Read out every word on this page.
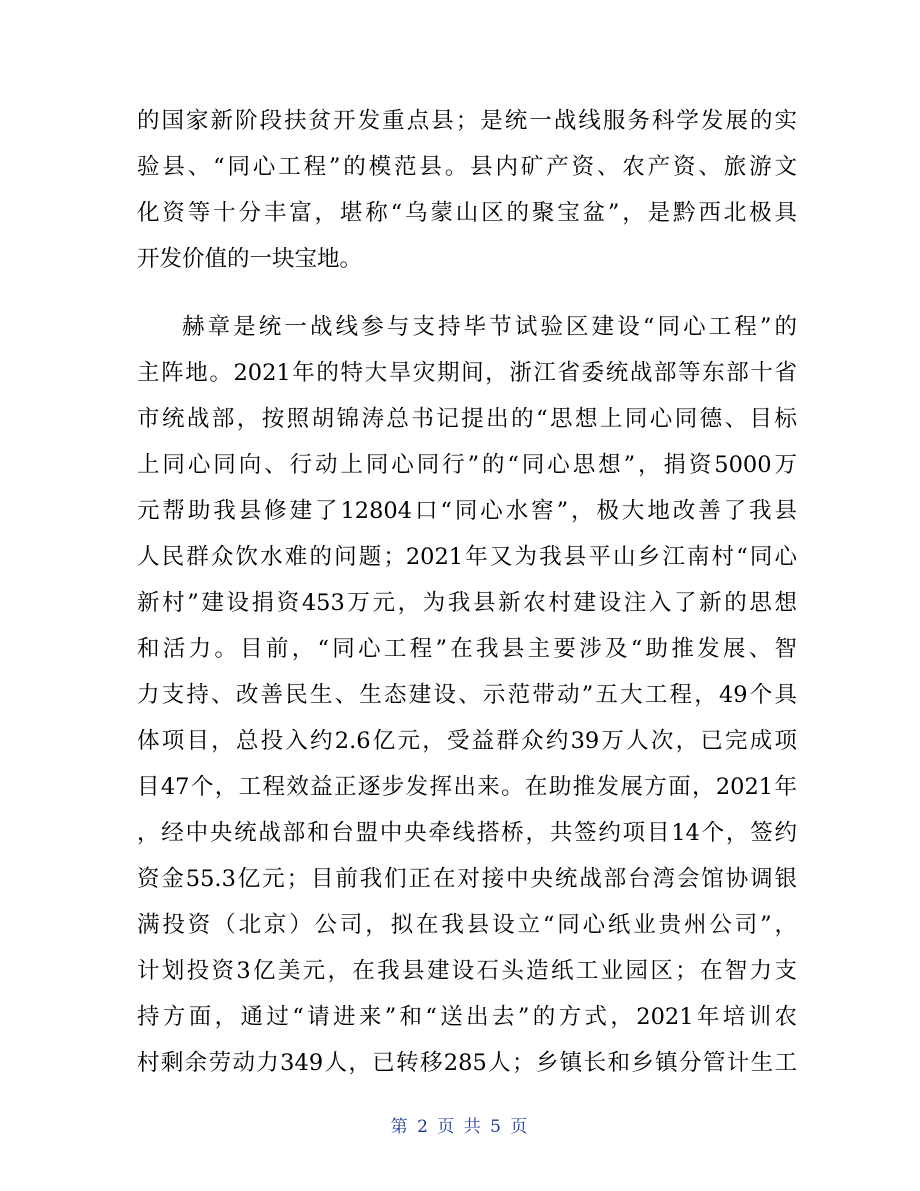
的国家新阶段扶贫开发重点县；是统一战线服务科学发展的实
验县、“同心工程”的模范县。县内矿产资、农产资、旅游文
化资等十分丰富，堪称“乌蒙山区的聚宝盆”，是黔西北极具
开发价值的一块宝地。
赫章是统一战线参与支持毕节试验区建设“同心工程”的
主阵地。2021年的特大旱灾期间，浙江省委统战部等东部十省
市统战部，按照胡锦涛总书记提出的“思想上同心同德、目标
上同心同向、行动上同心同行”的“同心思想”，捐资5000万
元帮助我县修建了12804口“同心水窖”，极大地改善了我县
人民群众饮水难的问题；2021年又为我县平山乡江南村“同心
新村”建设捐资453万元，为我县新农村建设注入了新的思想
和活力。目前，“同心工程”在我县主要涉及“助推发展、智
力支持、改善民生、生态建设、示范带动”五大工程，49个具
体项目，总投入约2.6亿元，受益群众约39万人次，已完成项
目47个，工程效益正逐步发挥出来。在助推发展方面，2021年
，经中央统战部和台盟中央牵线搭桥，共签约项目14个，签约
资金55.3亿元；目前我们正在对接中央统战部台湾会馆协调银
满投资（北京）公司，拟在我县设立“同心纸业贵州公司”，
计划投资3亿美元，在我县建设石头造纸工业园区；在智力支
持方面，通过“请进来”和“送出去”的方式，2021年培训农
村剩余劳动力349人，已转移285人；乡镇长和乡镇分管计生工
第 2 页 共 5 页
